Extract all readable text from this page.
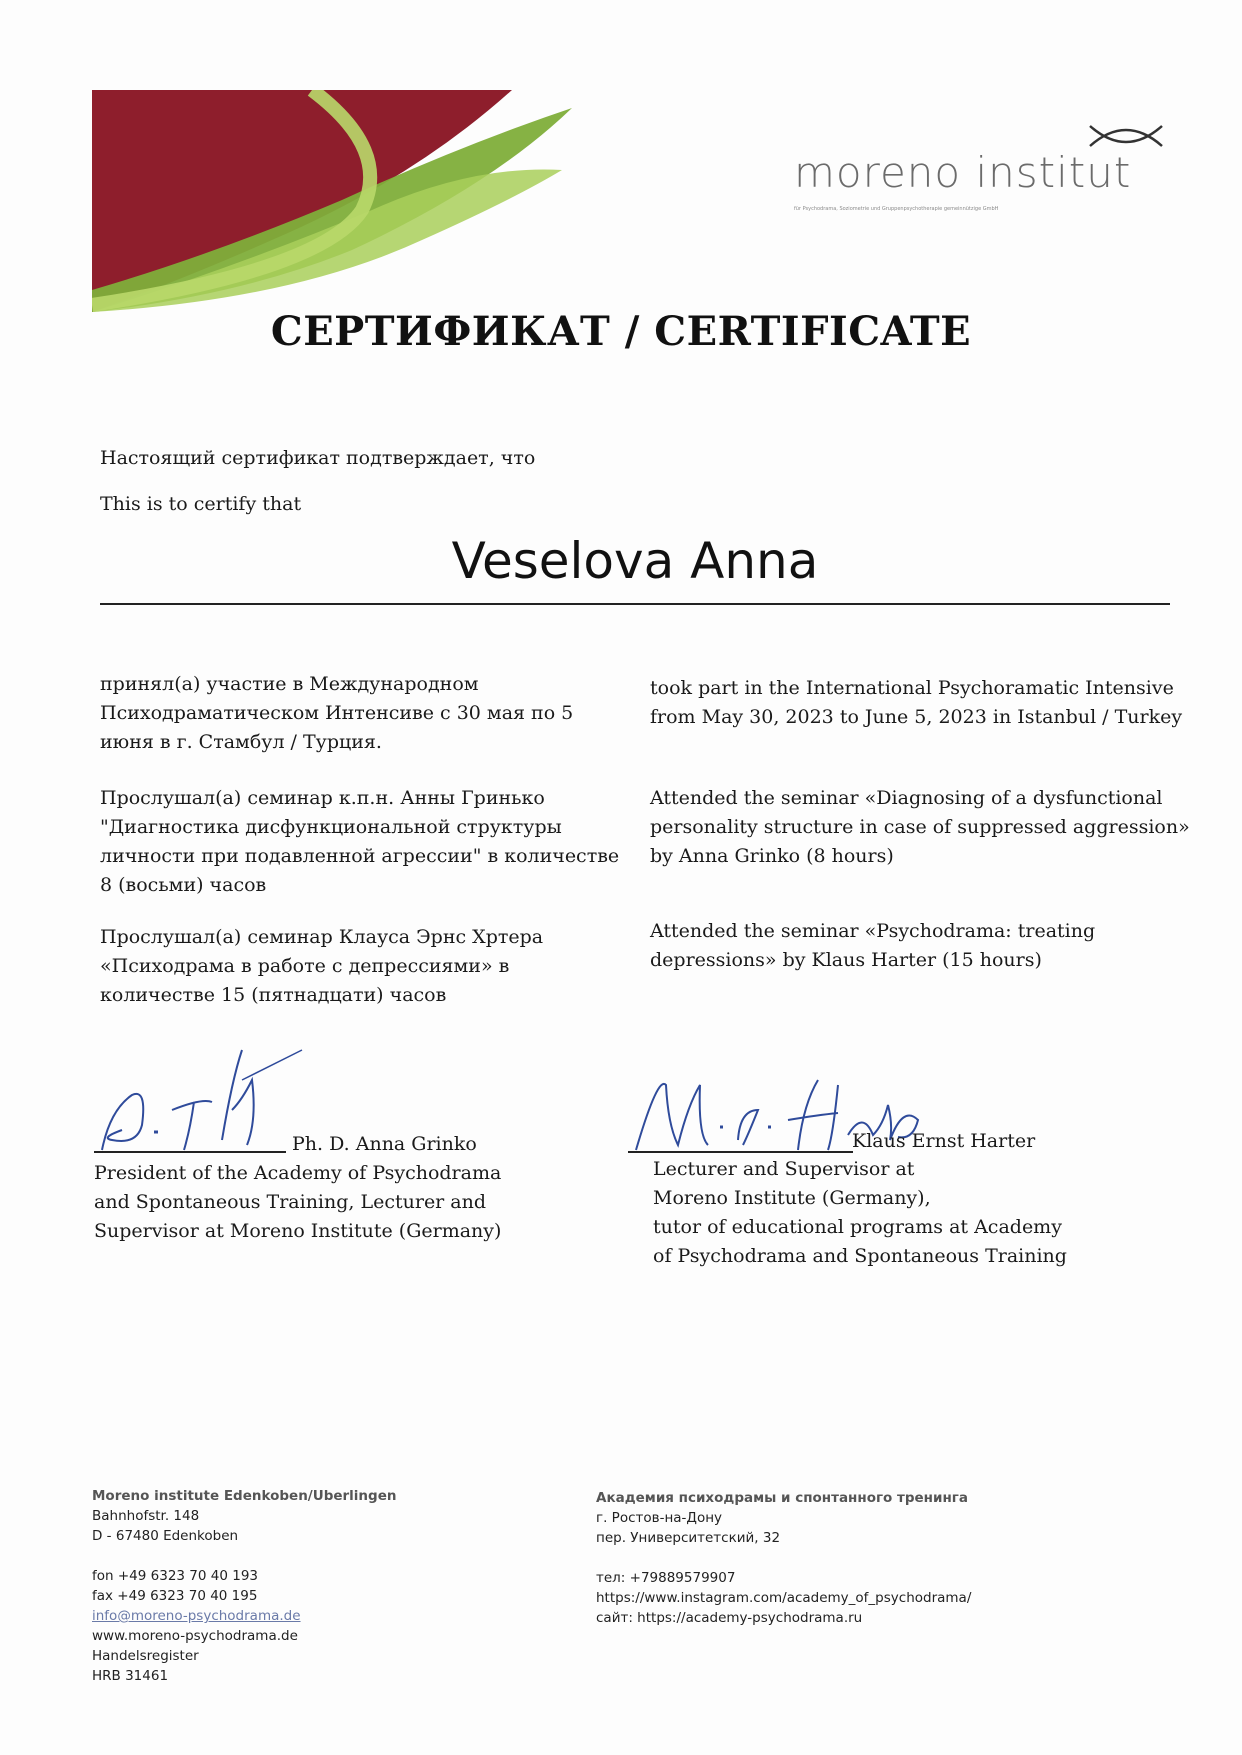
moreno institut
für Psychodrama, Soziometrie und Gruppenpsychotherapie gemeinnützige GmbH
СЕРТИФИКАТ / CERTIFICATE
Настоящий сертификат подтверждает, что
This is to certify that
Veselova Anna
принял(а) участие в Международном Психодраматическом Интенсиве с 30 мая по 5 июня в г. Стамбул / Турция.
Прослушал(а) семинар к.п.н. Анны Гринько "Диагностика дисфункциональной структуры личности при подавленной агрессии" в количестве 8 (восьми) часов
Прослушал(а) семинар Клауса Эрнс Хртера «Психодрама в работе с депрессиями» в количестве 15 (пятнадцати) часов
took part in the International Psychoramatic Intensive from May 30, 2023 to June 5, 2023 in Istanbul / Turkey
Attended the seminar «Diagnosing of a dysfunctional personality structure in case of suppressed aggression» by Anna Grinko (8 hours)
Attended the seminar «Psychodrama: treating depressions» by Klaus Harter (15 hours)
Ph. D. Anna Grinko
President of the Academy of Psychodrama and Spontaneous Training, Lecturer and Supervisor at Moreno Institute (Germany)
Klaus Ernst Harter
Lecturer and Supervisor at
Moreno Institute (Germany),
tutor of educational programs at Academy
of Psychodrama and Spontaneous Training
Moreno institute Edenkoben/Uberlingen
Bahnhofstr. 148
D - 67480 Edenkoben
fon +49 6323 70 40 193
fax +49 6323 70 40 195
info@moreno-psychodrama.de
www.moreno-psychodrama.de
Handelsregister
HRB 31461
Академия психодрамы и спонтанного тренинга
г. Ростов-на-Дону
пер. Университетский, 32
тел: +79889579907
https://www.instagram.com/academy_of_psychodrama/
сайт: https://academy-psychodrama.ru
